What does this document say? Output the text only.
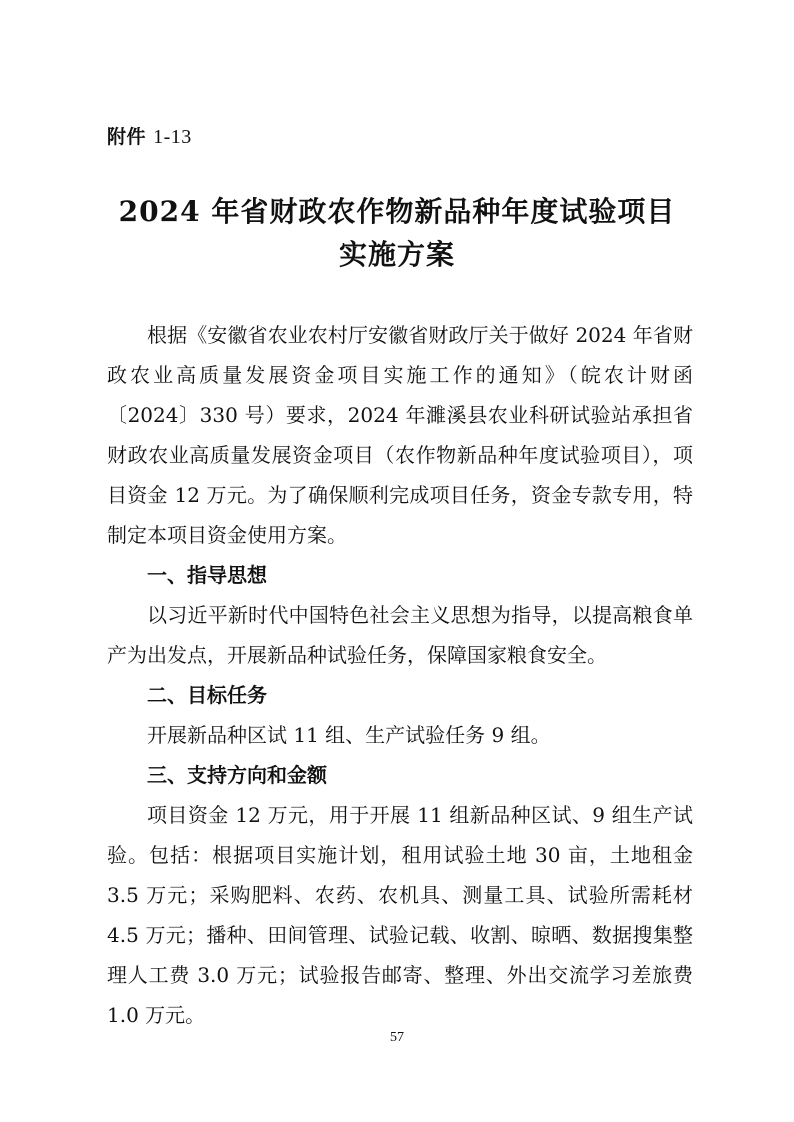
附件 1-13
2024 年省财政农作物新品种年度试验项目
实施方案

根据《安徽省农业农村厅安徽省财政厅关于做好 2024 年省财政农业高质量发展资金项目实施工作的通知》（皖农计财函〔2024〕330 号）要求，2024 年濉溪县农业科研试验站承担省财政农业高质量发展资金项目（农作物新品种年度试验项目），项目资金 12 万元。为了确保顺利完成项目任务，资金专款专用，特制定本项目资金使用方案。

一、指导思想

以习近平新时代中国特色社会主义思想为指导，以提高粮食单产为出发点，开展新品种试验任务，保障国家粮食安全。

二、目标任务

开展新品种区试 11 组、生产试验任务 9 组。

三、支持方向和金额

项目资金 12 万元，用于开展 11 组新品种区试、9 组生产试验。包括：根据项目实施计划，租用试验土地 30 亩，土地租金 3.5 万元；采购肥料、农药、农机具、测量工具、试验所需耗材 4.5 万元；播种、田间管理、试验记载、收割、晾晒、数据搜集整理人工费 3.0 万元；试验报告邮寄、整理、外出交流学习差旅费 1.0 万元。

57
